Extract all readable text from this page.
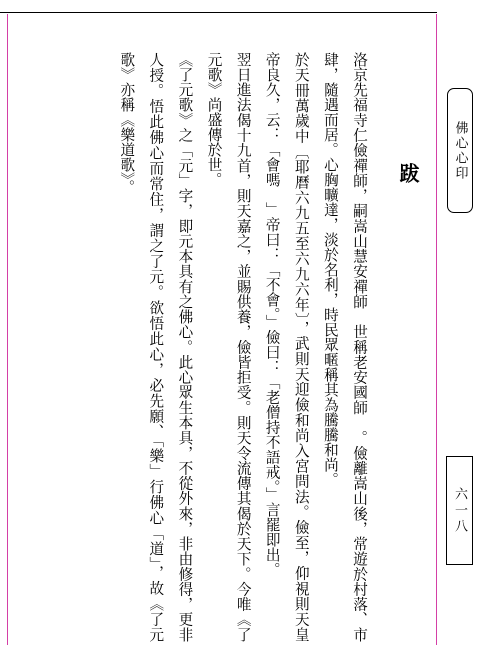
佛心心印
跋

洛京先福寺仁儉禪師，嗣嵩山慧安禪師　世稱老安國師　。儉離嵩山後，常遊於村落、市肆，隨遇而居。心胸曠達，淡於名利，時民眾暱稱其為騰騰和尚。

於天冊萬歲中〔耶曆六九五至六九六年〕，武則天迎儉和尚入宮問法。儉至，仰視則天皇帝良久，云：「會嗎　」帝曰：「不會。」儉曰：「老僧持不語戒。」言罷即出。

翌日進法偈十九首，則天嘉之，並賜供養，儉皆拒受。則天令流傳其偈於天下。今唯《了元歌》尚盛傳於世。

《了元歌》之「元」字，即元本具有之佛心。此心眾生本具，不從外來，非由修得，更非人授。悟此佛心而常住，謂之了元。欲悟此心，必先願、「樂」行佛心「道」，故《了元歌》亦稱《樂道歌》。

六一八
